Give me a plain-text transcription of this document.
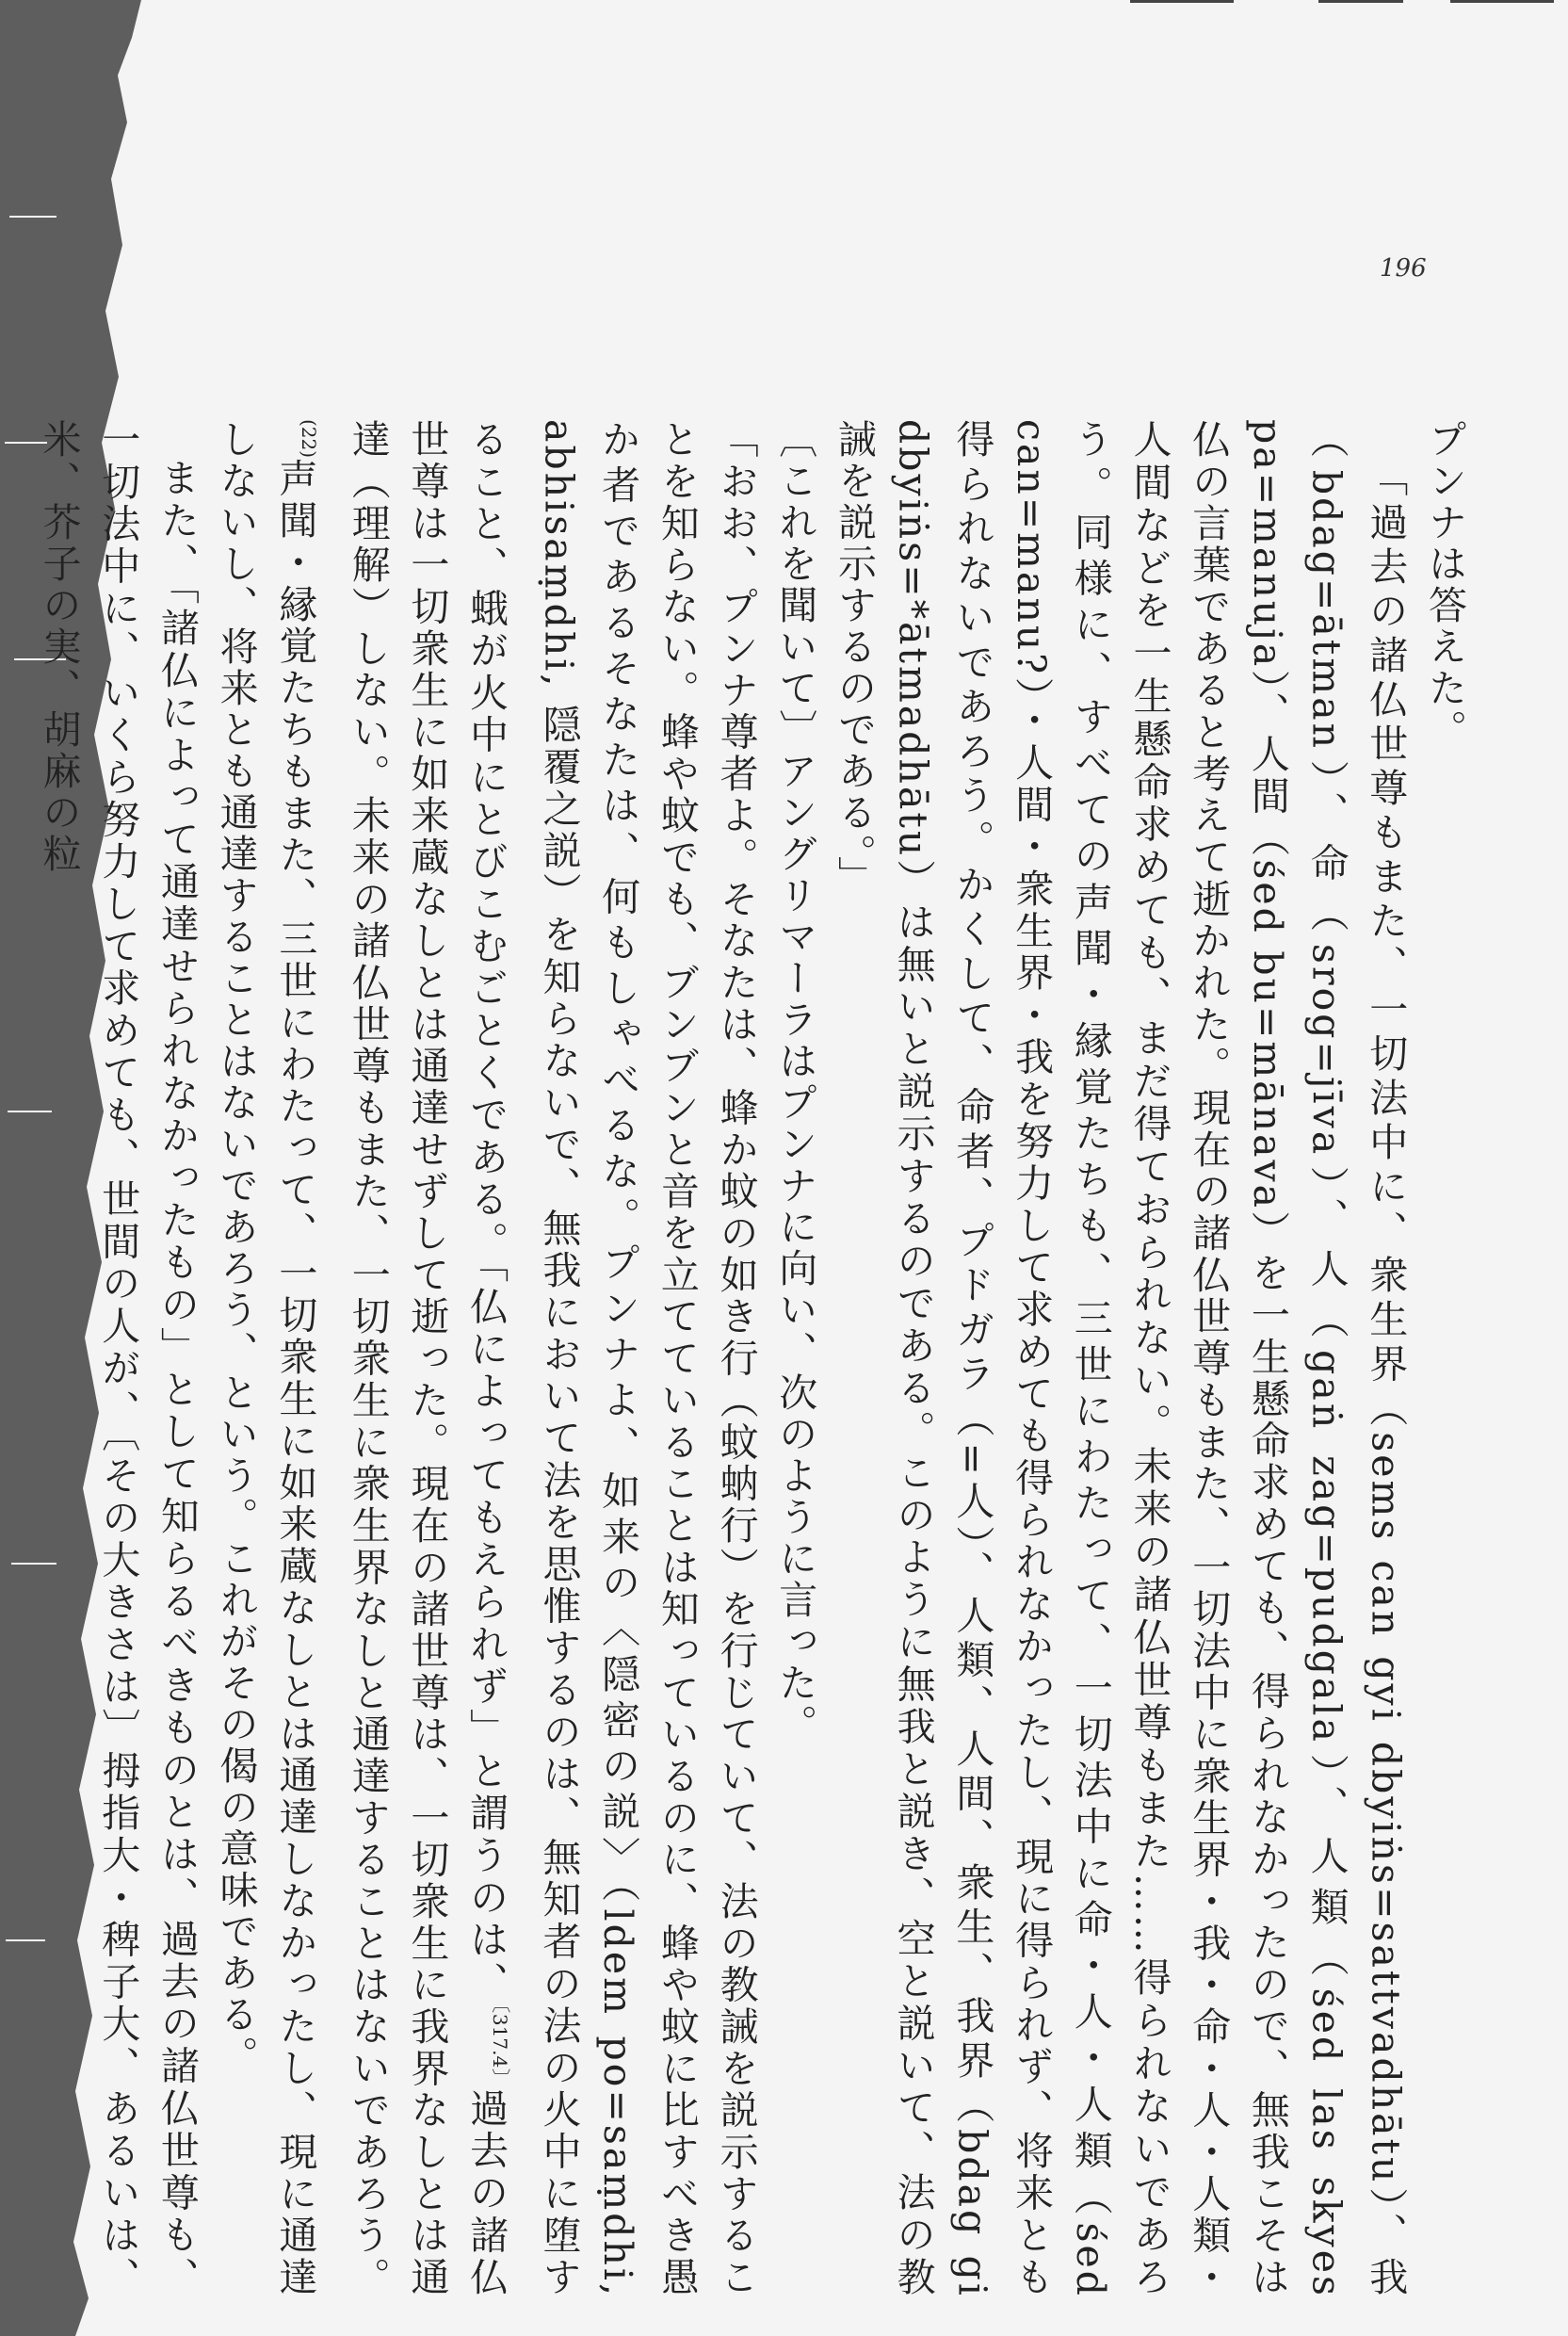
196

プンナは答えた。

「過去の諸仏世尊もまた、一切法中に、衆生界（sems can gyi dbyiṅs=sattvadhātu）、我（bdag=ātman）、命（srog=jīva）、人（gaṅ zag=pudgala）、人類（śed las skyes pa=manuja）、人間（śed bu=mānava）を一生懸命求めても、得られなかったので、無我こそは仏の言葉であると考えて逝かれた。現在の諸仏世尊もまた、一切法中に衆生界・我・命・人・人類・人間などを一生懸命求めても、まだ得ておられない。未来の諸仏世尊もまた……得られないであろう。同様に、すべての声聞・縁覚たちも、三世にわたって、一切法中に命・人・人類（śed can=manu?）・人間・衆生界・我を努力して求めても得られなかったし、現に得られず、将来とも得られないであろう。かくして、命者、プドガラ（=人）、人類、人間、衆生、我界（bdag gi dbyiṅs=*ātmadhātu）は無いと説示するのである。このように無我と説き、空と説いて、法の教誡を説示するのである。」

〔これを聞いて〕アングリマーラはプンナに向い、次のように言った。

「おお、プンナ尊者よ。そなたは、蜂か蚊の如き行（蚊蚋行）を行じていて、法の教誡を説示することを知らない。蜂や蚊でも、ブンブンと音を立てていることは知っているのに、蜂や蚊に比すべき愚か者であるそなたは、何もしゃべるな。プンナよ、如来の〈隠密の説〉（ldem po=saṃdhi, abhisaṃdhi, 隠覆之説）を知らないで、無我において法を思惟するのは、無知者の法の火中に堕すること、蛾が火中にとびこむごとくである。「仏によってもえられず」と謂うのは、$^{〔317.4〕}$過去の諸仏世尊は一切衆生に如来蔵なしとは通達せずして逝った。現在の諸世尊は、一切衆生に我界なしとは通達（理解）しない。未来の諸仏世尊もまた、一切衆生に衆生界なしと通達することはないであろう。$^{(22)}$声聞・縁覚たちもまた、三世にわたって、一切衆生に如来蔵なしとは通達しなかったし、現に通達しないし、将来とも通達することはないであろう、という。これがその偈の意味である。

また、「諸仏によって通達せられなかったもの」として知らるべきものとは、過去の諸仏世尊も、一切法中に、いくら努力して求めても、世間の人が、〔その大きさは〕拇指大・稗子大、あるいは、米、芥子の実、胡麻の粒
